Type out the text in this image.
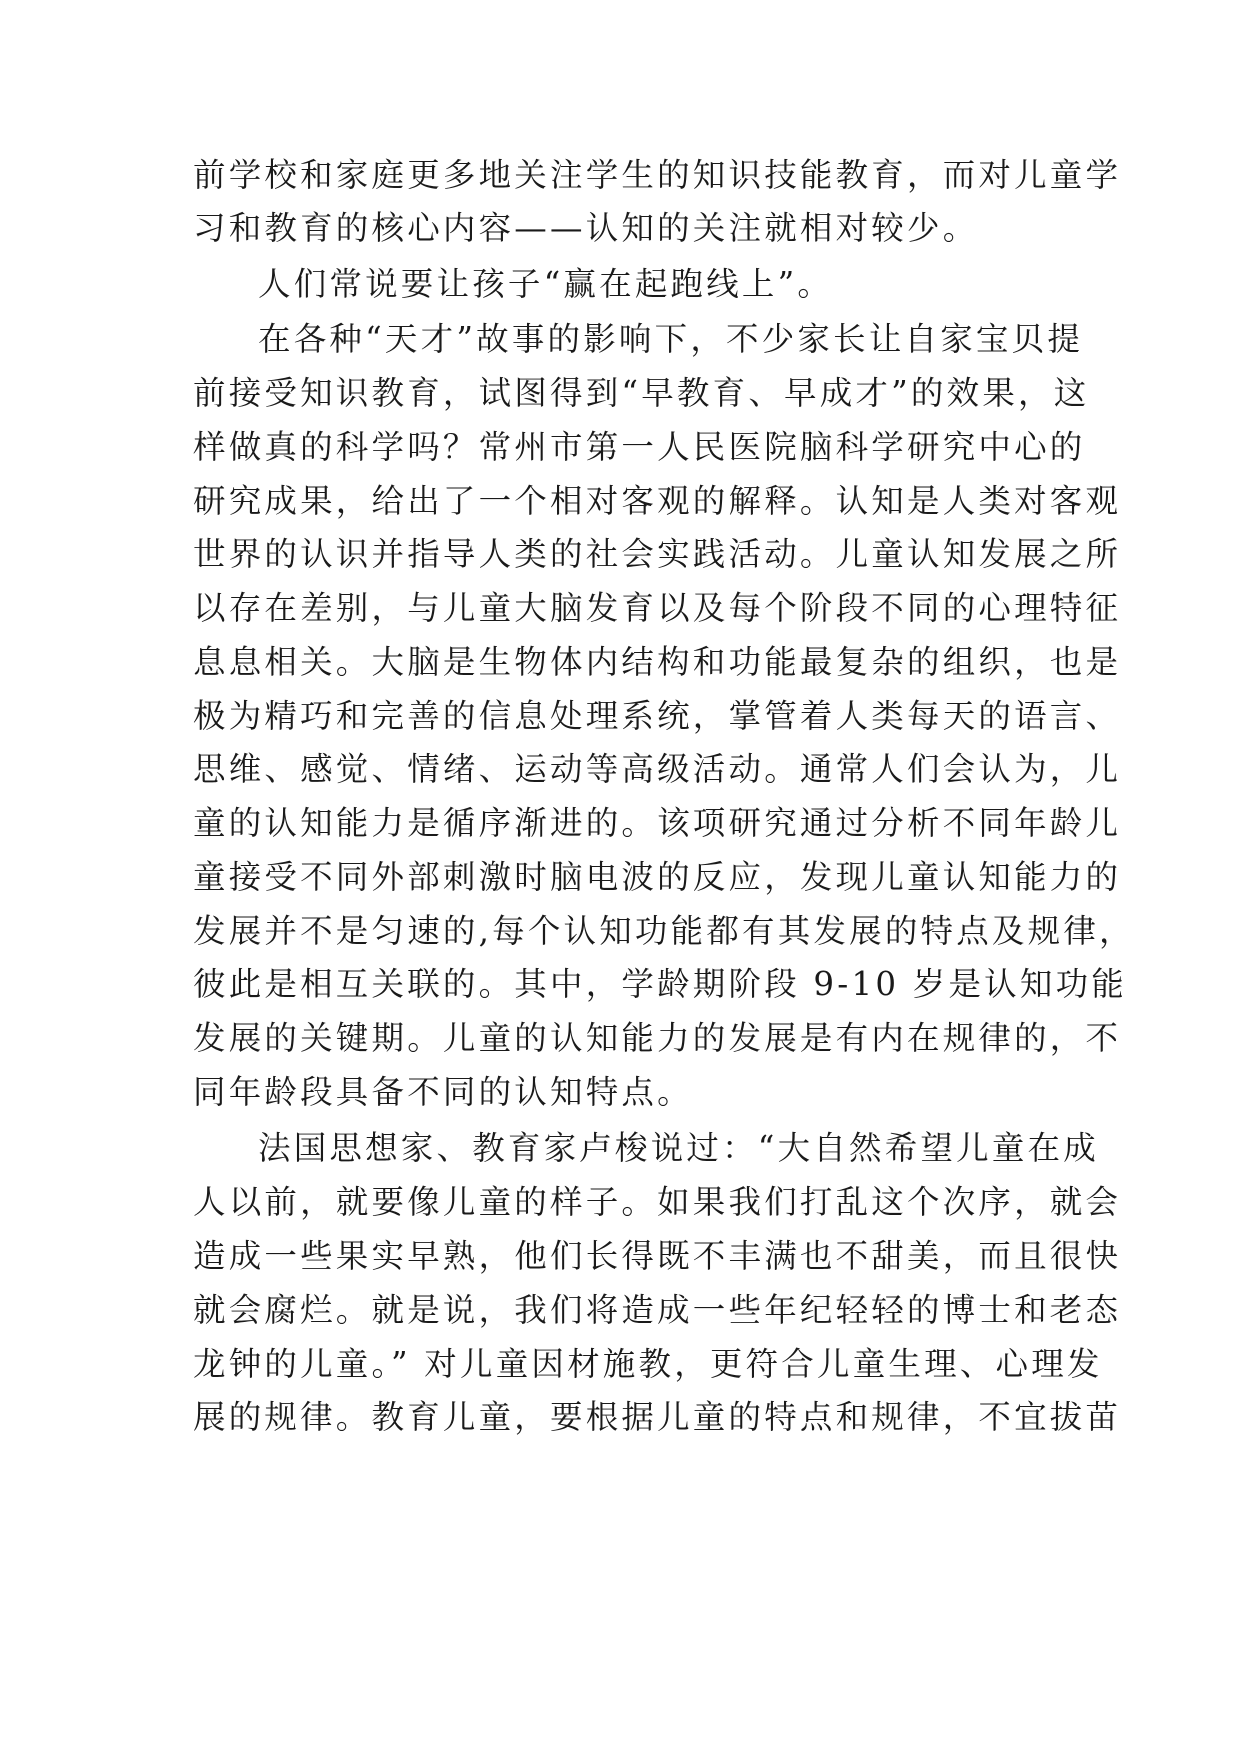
前学校和家庭更多地关注学生的知识技能教育，而对儿童学
习和教育的核心内容——认知的关注就相对较少。
人们常说要让孩子“赢在起跑线上”。
在各种“天才”故事的影响下，不少家长让自家宝贝提
前接受知识教育，试图得到“早教育、早成才”的效果，这
样做真的科学吗？常州市第一人民医院脑科学研究中心的
研究成果，给出了一个相对客观的解释。认知是人类对客观
世界的认识并指导人类的社会实践活动。儿童认知发展之所
以存在差别，与儿童大脑发育以及每个阶段不同的心理特征
息息相关。大脑是生物体内结构和功能最复杂的组织，也是
极为精巧和完善的信息处理系统，掌管着人类每天的语言、
思维、感觉、情绪、运动等高级活动。通常人们会认为，儿
童的认知能力是循序渐进的。该项研究通过分析不同年龄儿
童接受不同外部刺激时脑电波的反应，发现儿童认知能力的
发展并不是匀速的,每个认知功能都有其发展的特点及规律，
彼此是相互关联的。其中，学龄期阶段 9-10 岁是认知功能
发展的关键期。儿童的认知能力的发展是有内在规律的，不
同年龄段具备不同的认知特点。
法国思想家、教育家卢梭说过：“大自然希望儿童在成
人以前，就要像儿童的样子。如果我们打乱这个次序，就会
造成一些果实早熟，他们长得既不丰满也不甜美，而且很快
就会腐烂。就是说，我们将造成一些年纪轻轻的博士和老态
龙钟的儿童。” 对儿童因材施教，更符合儿童生理、心理发
展的规律。教育儿童，要根据儿童的特点和规律，不宜拔苗
